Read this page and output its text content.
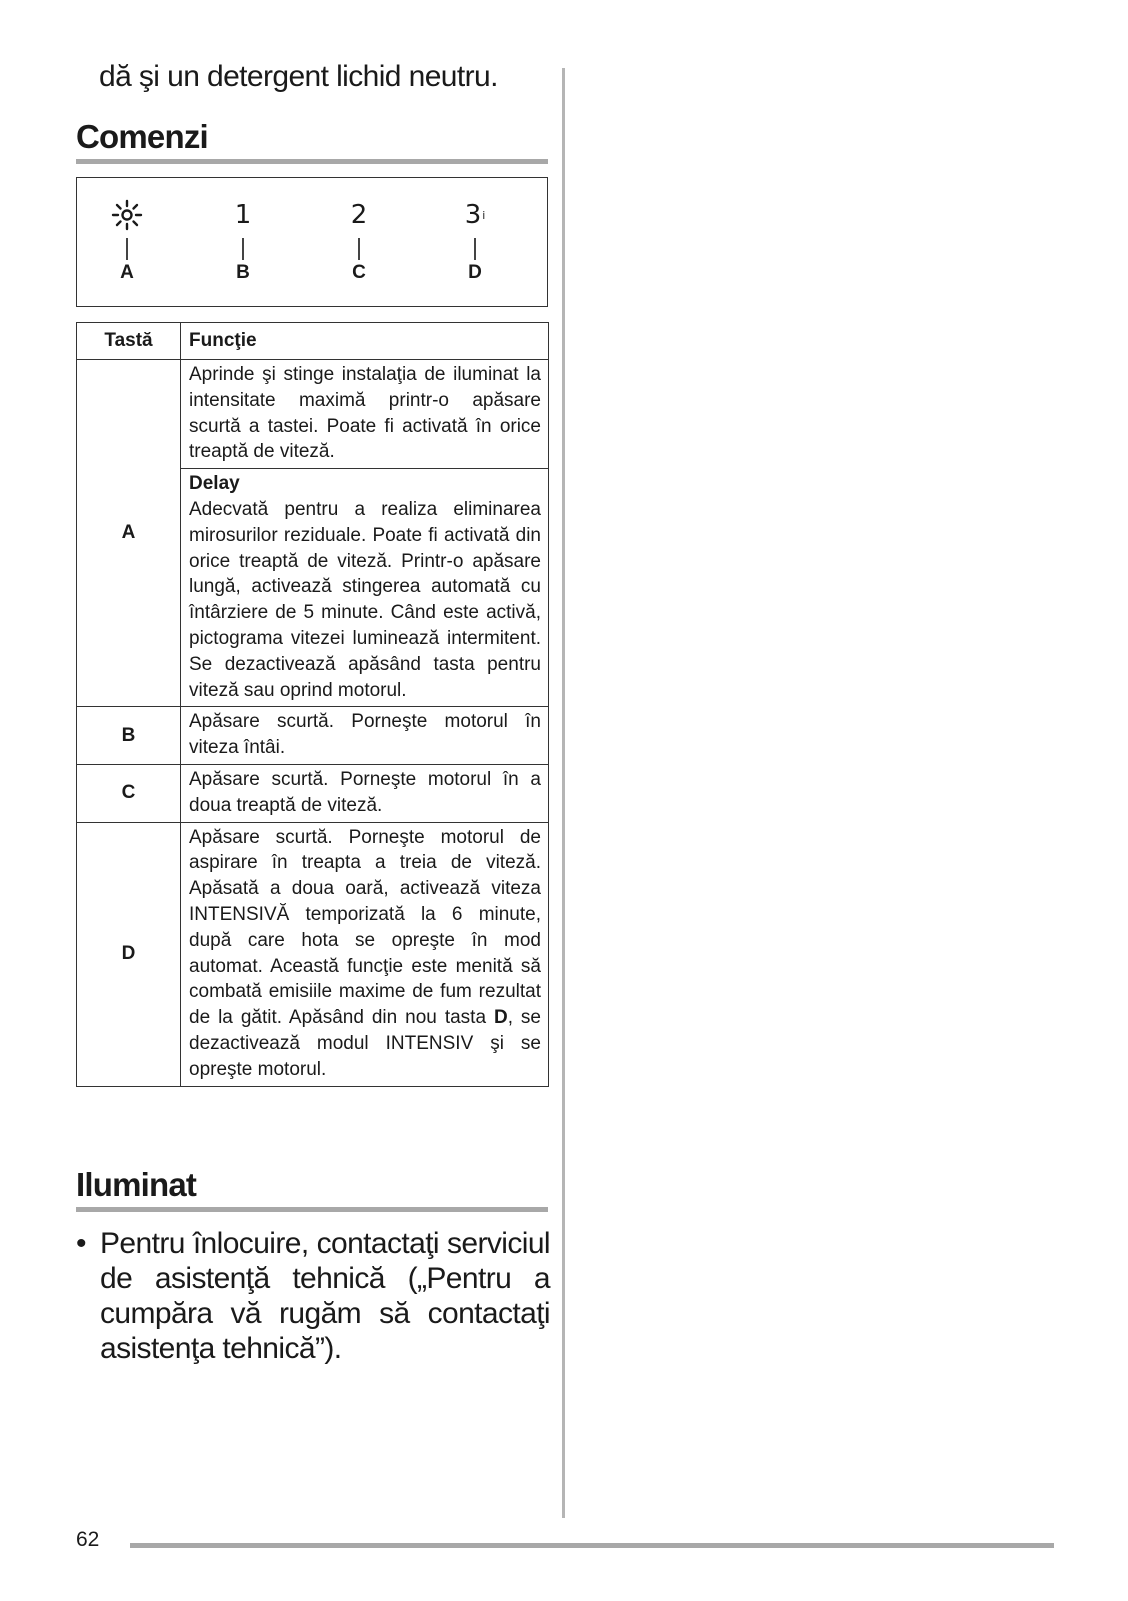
dă şi un detergent lichid neutru.

Comenzi
A
1
B
2
C
3 i
D
Tastă	Funcţie
A	Aprinde şi stinge instalaţia de iluminat la intensitate maximă printr-o apăsare scurtă a tastei. Poate fi activată în orice treaptă de viteză.

	Delay
Adecvată pentru a realiza eliminarea mirosurilor reziduale. Poate fi activată din orice treaptă de viteză. Printr-o apăsare lungă, activează stingerea automată cu întârziere de 5 minute. Când este activă, pictograma vitezei luminează intermitent. Se dezactivează apăsând tasta pentru viteză sau oprind motorul.
B	Apăsare scurtă. Porneşte motorul în viteza întâi.
C	Apăsare scurtă. Porneşte motorul în a doua treaptă de viteză.
D	Apăsare scurtă. Porneşte motorul de aspirare în treapta a treia de viteză. Apăsată a doua oară, activează viteza INTENSIVĂ temporizată la 6 minute, după care hota se opreşte în mod automat. Această funcţie este menită să combată emisiile maxime de fum rezultat de la gătit. Apăsând din nou tasta D, se dezactivează modul INTENSIV şi se opreşte motorul.
Iluminat

• Pentru înlocuire, contactaţi serviciul de asistenţă tehnică („Pentru a cumpăra vă rugăm să contactaţi asistenţa tehnică”).

62
